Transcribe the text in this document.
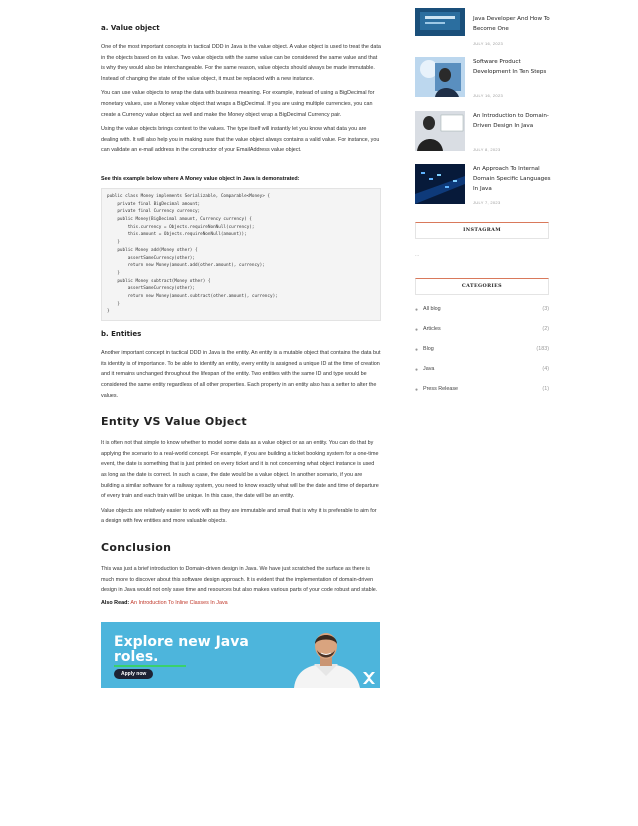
a. Value object

One of the most important concepts in tactical DDD in Java is the value object. A value object is used to treat the data in the objects based on its value. Two value objects with the same value can be considered the same value and that is why they would also be interchangeable. For the same reason, value objects should always be made immutable. Instead of changing the state of the value object, it must be replaced with a new instance.

You can use value objects to wrap the data with business meaning. For example, instead of using a BigDecimal for monetary values, use a Money value object that wraps a BigDecimal. If you are using multiple currencies, you can create a Currency value object as well and make the Money object wrap a BigDecimal Currency pair.

Using the value objects brings context to the values. The type itself will instantly let you know what data you are dealing with. It will also help you in making sure that the value object always contains a valid value. For instance, you can validate an e-mail address in the constructor of your EmailAddress value object.

See this example below where A Money value object in Java is demonstrated:
public class Money implements Serializable, Comparable<Money> {
private final BigDecimal amount;
private final Currency currency;
public Money(BigDecimal amount, Currency currency) {
this.currency = Objects.requireNonNull(currency);
this.amount = Objects.requireNonNull(amount));
}
public Money add(Money other) {
assertSameCurrency(other);
return new Money(amount.add(other.amount), currency);
}
public Money subtract(Money other) {
assertSameCurrency(other);
return new Money(amount.subtract(other.amount), currency);
}
}
b. Entities

Another important concept in tactical DDD in Java is the entity. An entity is a mutable object that contains the data but its identity is of importance. To be able to identify an entity, every entity is assigned a unique ID at the time of creation and it remains unchanged throughout the lifespan of the entity. Two entities with the same ID and type would be considered the same entity regardless of all other properties. Each property in an entity also has a setter to alter the values.

Entity VS Value Object

It is often not that simple to know whether to model some data as a value object or as an entity. You can do that by applying the scenario to a real-world concept. For example, if you are building a ticket booking system for a one-time event, the date is something that is just printed on every ticket and it is not concerning what object instance is used as long as the date is correct. In such a case, the date would be a value object. In another scenario, if you are building a similar software for a railway system, you need to know exactly what will be the date and time of departure of every train and each train will be unique. In this case, the date will be an entity.

Value objects are relatively easier to work with as they are immutable and small that is why it is preferable to aim for a design with few entities and more valuable objects.

Conclusion

This was just a brief introduction to Domain-driven design in Java. We have just scratched the surface as there is much more to discover about this software design approach. It is evident that the implementation of domain-driven design in Java would not only save time and resources but also makes various parts of your code robust and stable.

Also Read: An Introduction To Inline Classes In Java
Explore new Java roles.
Apply now
Java Developer And How To Become One
JULY 16, 2023
Software Product Development In Ten Steps
JULY 16, 2023
An Introduction to Domain-Driven Design In Java
JULY 8, 2023
An Approach To Internal Domain Specific Languages In Java
JULY 7, 2023
INSTAGRAM
...
CATEGORIES
● All blog	(3)
● Articles	(2)
● Blog	(183)
● Java	(4)
● Press Release	(1)
